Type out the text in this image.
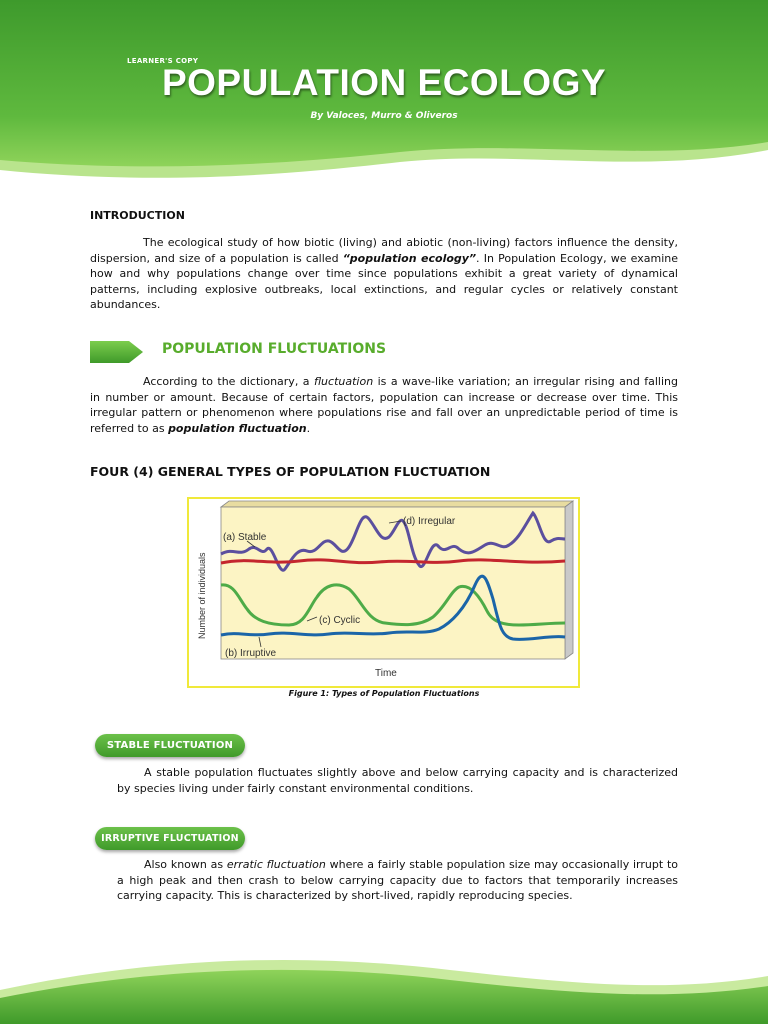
LEARNER'S COPY
POPULATION ECOLOGY
By Valoces, Murro & Oliveros
INTRODUCTION
The ecological study of how biotic (living) and abiotic (non-living) factors influence the density, dispersion, and size of a population is called “population ecology”. In Population Ecology, we examine how and why populations change over time since populations exhibit a great variety of dynamical patterns, including explosive outbreaks, local extinctions, and regular cycles or relatively constant abundances.
POPULATION FLUCTUATIONS
According to the dictionary, a fluctuation is a wave-like variation; an irregular rising and falling in number or amount. Because of certain factors, population can increase or decrease over time. This irregular pattern or phenomenon where populations rise and fall over an unpredictable period of time is referred to as population fluctuation.
FOUR (4) GENERAL TYPES OF POPULATION FLUCTUATION
(a) Stable
(d) Irregular
(c) Cyclic
(b) Irruptive
Time
Number of individuals
Figure 1: Types of Population Fluctuations
STABLE FLUCTUATION
A stable population fluctuates slightly above and below carrying capacity and is characterized by species living under fairly constant environmental conditions.
IRRUPTIVE FLUCTUATION
Also known as erratic fluctuation where a fairly stable population size may occasionally irrupt to a high peak and then crash to below carrying capacity due to factors that temporarily increases carrying capacity. This is characterized by short-lived, rapidly reproducing species.
